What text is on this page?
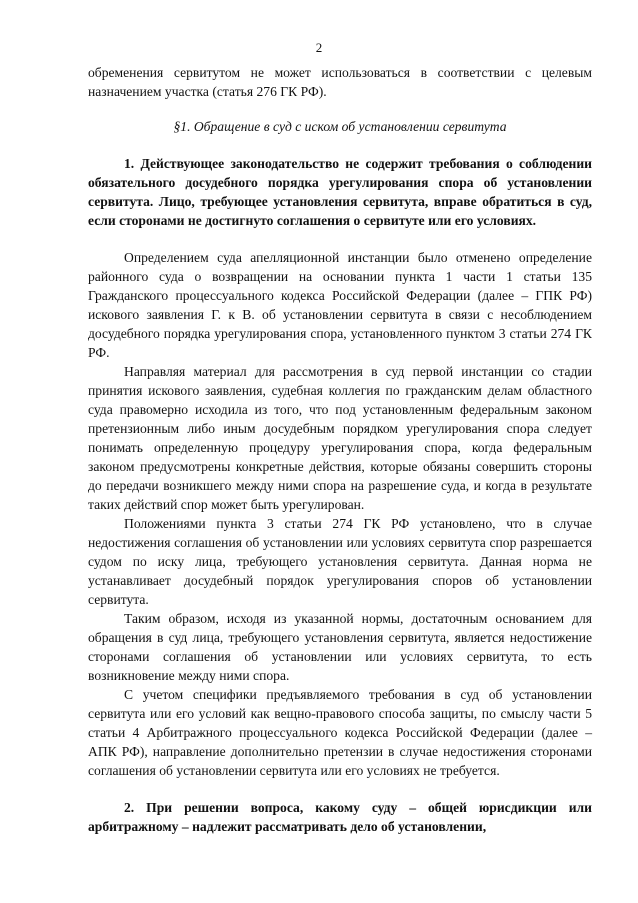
2

обременения сервитутом не может использоваться в соответствии с целевым назначением участка (статья 276 ГК РФ).

§1. Обращение в суд с иском об установлении сервитута

1. Действующее законодательство не содержит требования о соблюдении обязательного досудебного порядка урегулирования спора об установлении сервитута. Лицо, требующее установления сервитута, вправе обратиться в суд, если сторонами не достигнуто соглашения о сервитуте или его условиях.

Определением суда апелляционной инстанции было отменено определение районного суда о возвращении на основании пункта 1 части 1 статьи 135 Гражданского процессуального кодекса Российской Федерации (далее – ГПК РФ) искового заявления Г. к В. об установлении сервитута в связи с несоблюдением досудебного порядка урегулирования спора, установленного пунктом 3 статьи 274 ГК РФ.

Направляя материал для рассмотрения в суд первой инстанции со стадии принятия искового заявления, судебная коллегия по гражданским делам областного суда правомерно исходила из того, что под установленным федеральным законом претензионным либо иным досудебным порядком урегулирования спора следует понимать определенную процедуру урегулирования спора, когда федеральным законом предусмотрены конкретные действия, которые обязаны совершить стороны до передачи возникшего между ними спора на разрешение суда, и когда в результате таких действий спор может быть урегулирован.

Положениями пункта 3 статьи 274 ГК РФ установлено, что в случае недостижения соглашения об установлении или условиях сервитута спор разрешается судом по иску лица, требующего установления сервитута. Данная норма не устанавливает досудебный порядок урегулирования споров об установлении сервитута.

Таким образом, исходя из указанной нормы, достаточным основанием для обращения в суд лица, требующего установления сервитута, является недостижение сторонами соглашения об установлении или условиях сервитута, то есть возникновение между ними спора.

С учетом специфики предъявляемого требования в суд об установлении сервитута или его условий как вещно-правового способа защиты, по смыслу части 5 статьи 4 Арбитражного процессуального кодекса Российской Федерации (далее – АПК РФ), направление дополнительно претензии в случае недостижения сторонами соглашения об установлении сервитута или его условиях не требуется.

2. При решении вопроса, какому суду – общей юрисдикции или арбитражному – надлежит рассматривать дело об установлении,
